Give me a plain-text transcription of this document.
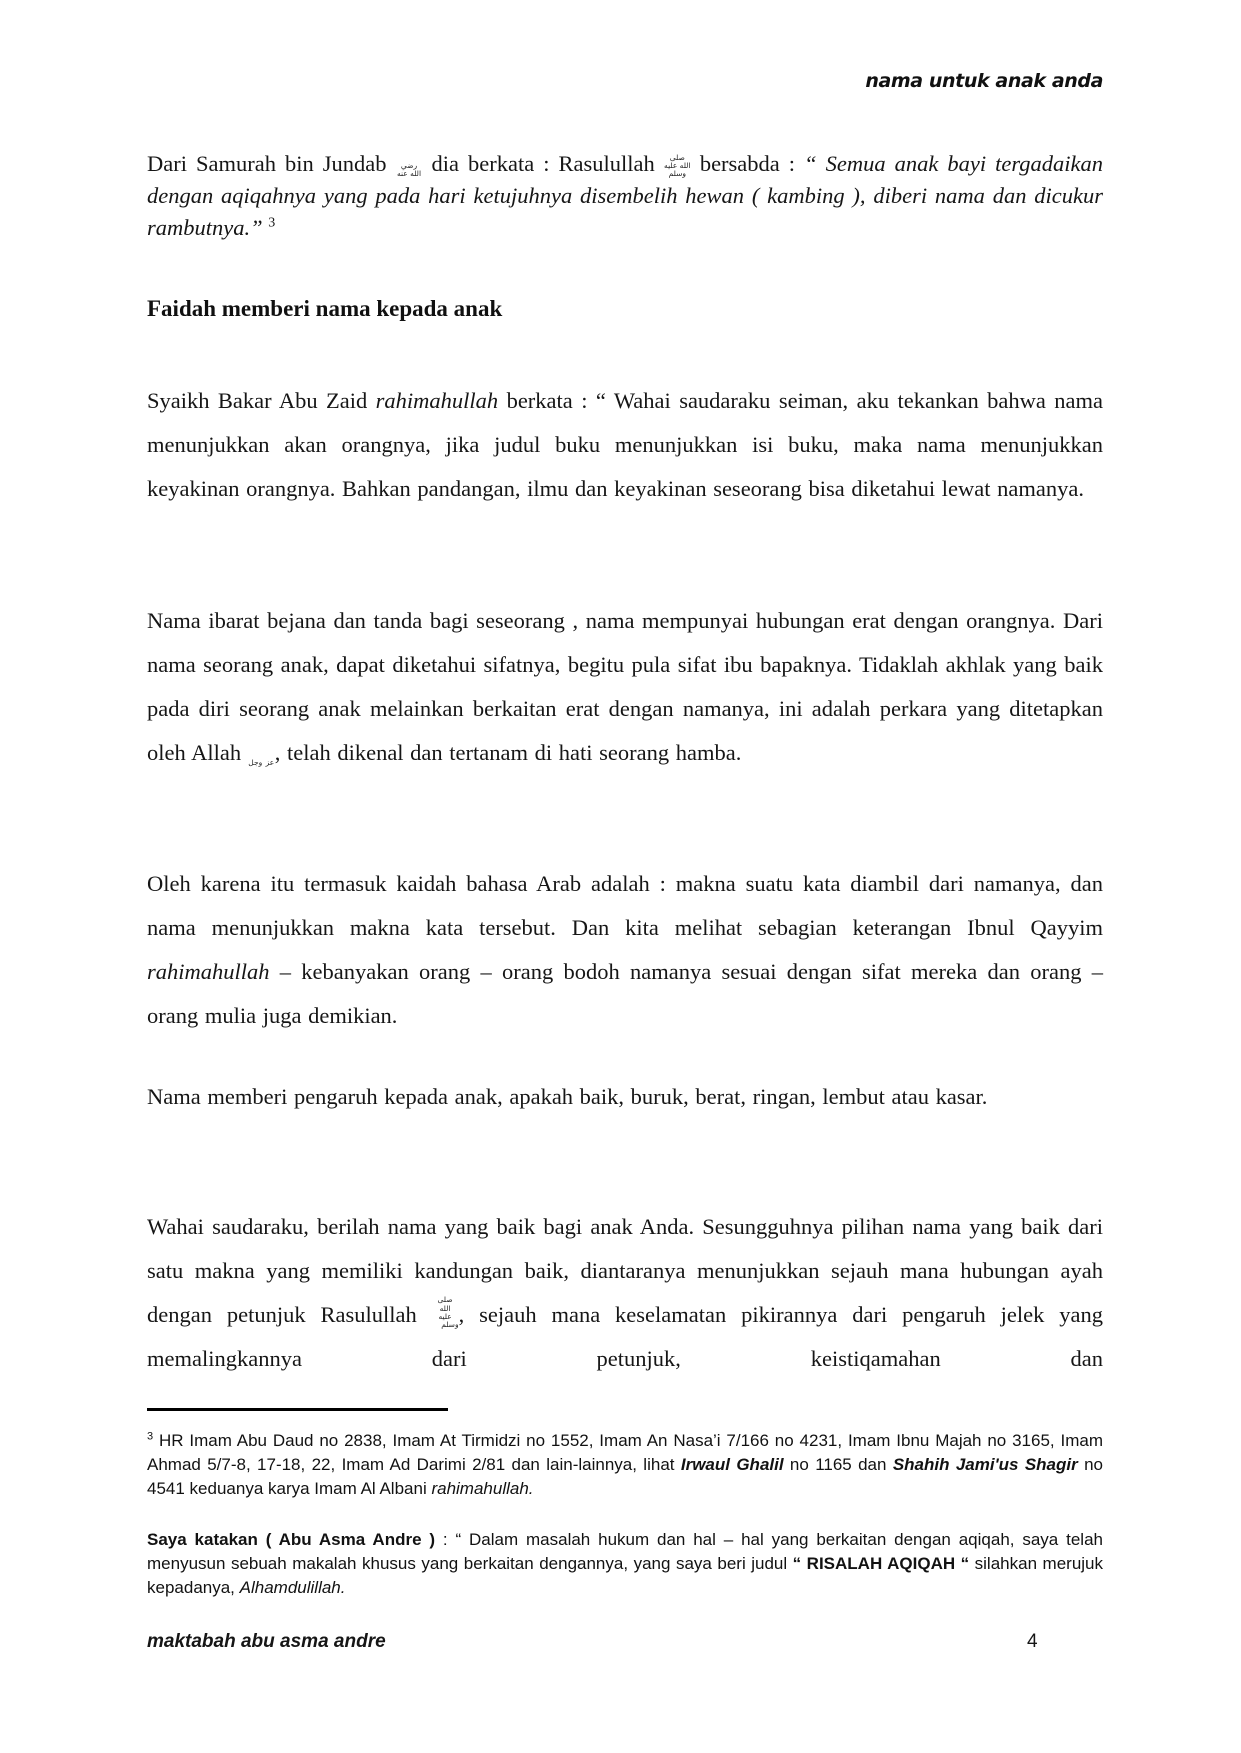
nama untuk anak anda

Dari Samurah bin Jundab رضي الله عنه dia berkata : Rasulullah صلى الله عليه وسلم bersabda : “ Semua anak bayi tergadaikan dengan aqiqahnya yang pada hari ketujuhnya disembelih hewan ( kambing ), diberi nama dan dicukur rambutnya.” $^3$

Faidah memberi nama kepada anak

Syaikh Bakar Abu Zaid rahimahullah berkata : “ Wahai saudaraku seiman, aku tekankan bahwa nama menunjukkan akan orangnya, jika judul buku menunjukkan isi buku, maka nama menunjukkan keyakinan orangnya. Bahkan pandangan, ilmu dan keyakinan seseorang bisa diketahui lewat namanya.

Nama ibarat bejana dan tanda bagi seseorang , nama mempunyai hubungan erat dengan orangnya. Dari nama seorang anak, dapat diketahui sifatnya, begitu pula sifat ibu bapaknya. Tidaklah akhlak yang baik pada diri seorang anak melainkan berkaitan erat dengan namanya, ini adalah perkara yang ditetapkan oleh Allah عز وجل, telah dikenal dan tertanam di hati seorang hamba.

Oleh karena itu termasuk kaidah bahasa Arab adalah : makna suatu kata diambil dari namanya, dan nama menunjukkan makna kata tersebut. Dan kita melihat sebagian keterangan Ibnul Qayyim rahimahullah – kebanyakan orang – orang bodoh namanya sesuai dengan sifat mereka dan orang – orang mulia juga demikian.

Nama memberi pengaruh kepada anak, apakah baik, buruk, berat, ringan, lembut atau kasar.

Wahai saudaraku, berilah nama yang baik bagi anak Anda. Sesungguhnya pilihan nama yang baik dari satu makna yang memiliki kandungan baik, diantaranya menunjukkan sejauh mana hubungan ayah dengan petunjuk Rasulullah صلى الله عليه وسلم, sejauh mana keselamatan pikirannya dari pengaruh jelek yang memalingkannya dari petunjuk, keistiqamahan dan

$^3$ HR Imam Abu Daud no 2838, Imam At Tirmidzi no 1552, Imam An Nasa’i 7/166 no 4231, Imam Ibnu Majah no 3165, Imam Ahmad 5/7-8, 17-18, 22, Imam Ad Darimi 2/81 dan lain-lainnya, lihat Irwaul Ghalil no 1165 dan Shahih Jami'us Shagir no 4541 keduanya karya Imam Al Albani rahimahullah.

Saya katakan ( Abu Asma Andre ) : “ Dalam masalah hukum dan hal – hal yang berkaitan dengan aqiqah, saya telah menyusun sebuah makalah khusus yang berkaitan dengannya, yang saya beri judul “ RISALAH AQIQAH “ silahkan merujuk kepadanya, Alhamdulillah.

maktabah abu asma andre	4
